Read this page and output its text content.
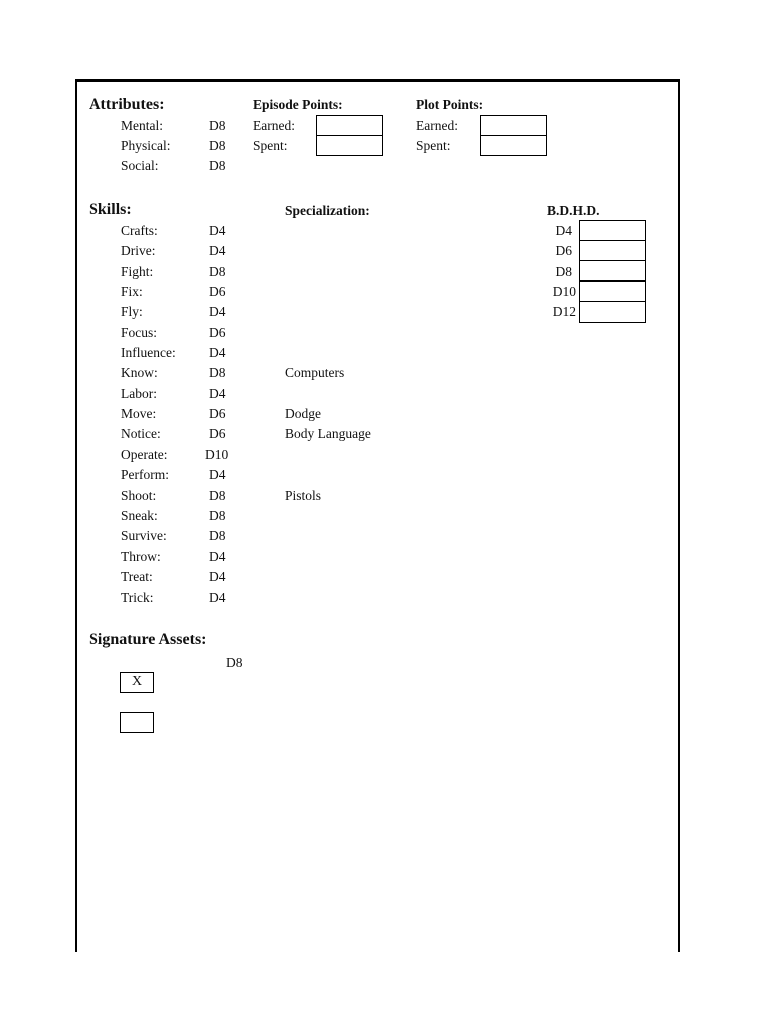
Attributes:
Mental:	D8
Physical:	D8
Social:	D8
Episode Points:
Earned:
Spent:
Plot Points:
Earned:
Spent:
Skills:	Specialization:
Crafts:	D4
Drive:	D4
Fight:	D8
Fix:	D6
Fly:	D4
Focus:	D6
Influence: D4
Know:	D8	Computers
Labor:	D4
Move:	D6	Dodge
Notice:	D6	Body Language
Operate:	D10
Perform:	D4
Shoot:	D8	Pistols
Sneak:	D8
Survive:	D8
Throw:	D4
Treat:	D4
Trick:	D4
B.D.H.D.
D4
D6
D8
D10
D12
Signature Assets:
D8
X
